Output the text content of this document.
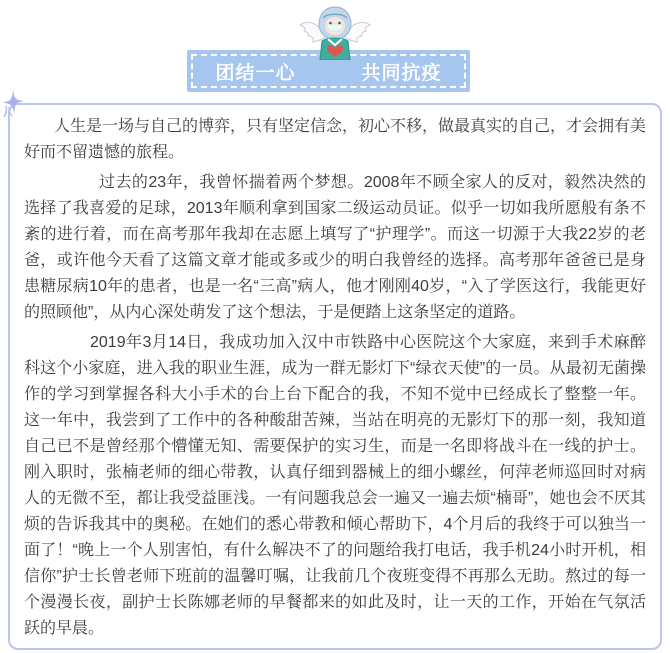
团结一心	共同抗疫

人生是一场与自己的博弈，只有坚定信念，初心不移，做最真实的自己，才会拥有美好而不留遗憾的旅程。

过去的23年，我曾怀揣着两个梦想。2008年不顾全家人的反对，毅然决然的选择了我喜爱的足球，2013年顺利拿到国家二级运动员证。似乎一切如我所愿般有条不紊的进行着，而在高考那年我却在志愿上填写了“护理学”。而这一切源于大我22岁的老爸，或许他今天看了这篇文章才能或多或少的明白我曾经的选择。高考那年爸爸已是身患糖尿病10年的患者，也是一名“三高”病人，他才刚刚40岁，“入了学医这行，我能更好的照顾他”，从内心深处萌发了这个想法，于是便踏上这条坚定的道路。

2019年3月14日，我成功加入汉中市铁路中心医院这个大家庭，来到手术麻醉科这个小家庭，进入我的职业生涯，成为一群无影灯下“绿衣天使”的一员。从最初无菌操作的学习到掌握各科大小手术的台上台下配合的我，不知不觉中已经成长了整整一年。这一年中，我尝到了工作中的各种酸甜苦辣，当站在明亮的无影灯下的那一刻，我知道自己已不是曾经那个懵懂无知、需要保护的实习生，而是一名即将战斗在一线的护士。刚入职时，张楠老师的细心带教，认真仔细到器械上的细小螺丝，何萍老师巡回时对病人的无微不至，都让我受益匪浅。一有问题我总会一遍又一遍去烦“楠哥”，她也会不厌其烦的告诉我其中的奥秘。在她们的悉心带教和倾心帮助下，4个月后的我终于可以独当一面了！“晚上一个人别害怕，有什么解决不了的问题给我打电话，我手机24小时开机，相信你”护士长曾老师下班前的温馨叮嘱，让我前几个夜班变得不再那么无助。熬过的每一个漫漫长夜，副护士长陈娜老师的早餐都来的如此及时，让一天的工作，开始在气氛活跃的早晨。
